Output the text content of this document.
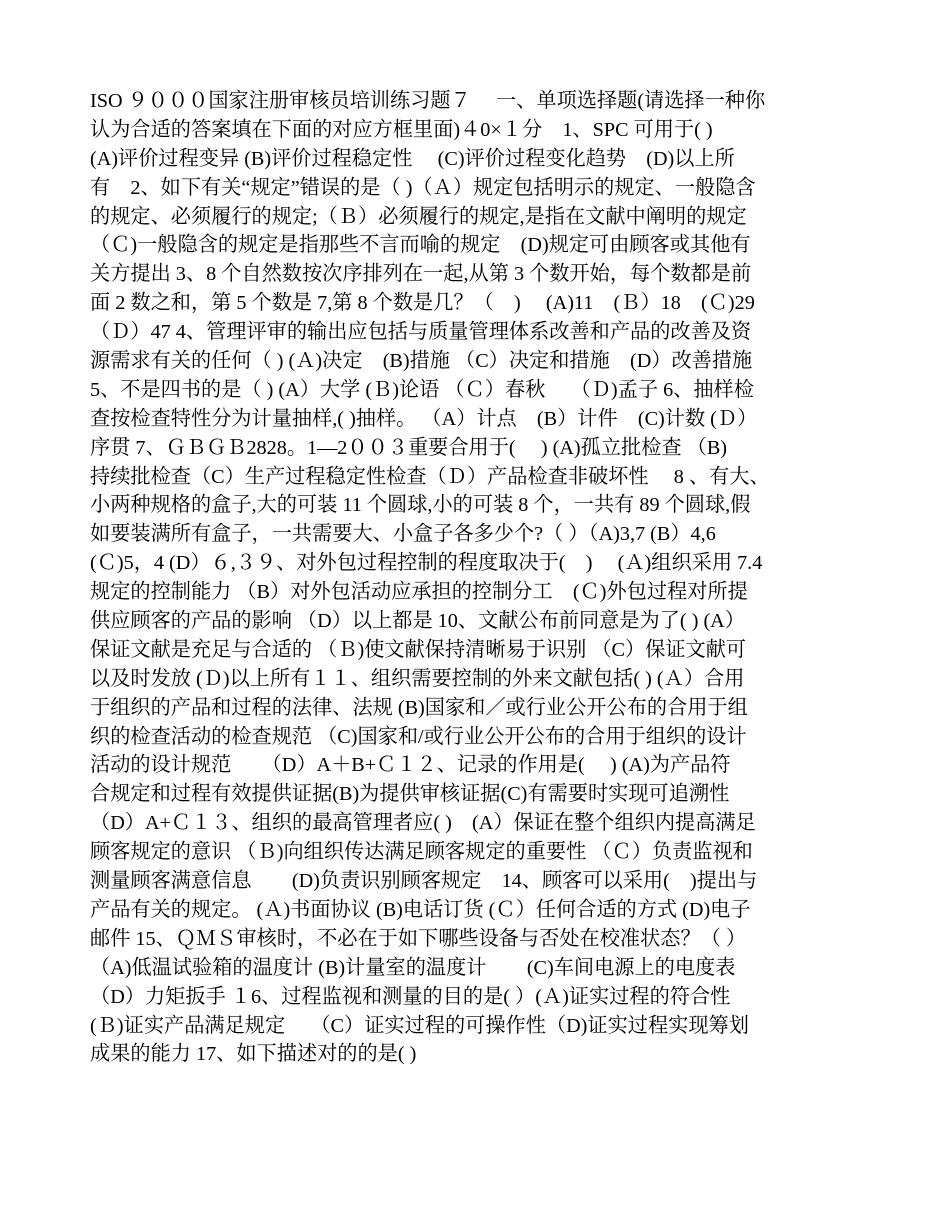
ISO ９０００国家注册审核员培训练习题７　 一、单项选择题(请选择一种你
认为合适的答案填在下面的对应方框里面)４0×１分　1、SPC 可用于( )
(A)评价过程变异 (B)评价过程稳定性　 (C)评价过程变化趋势　(D)以上所
有　2、如下有关“规定”错误的是（ )（Ａ）规定包括明示的规定、一般隐含
的规定、必须履行的规定;（Ｂ）必须履行的规定,是指在文献中阐明的规定
（Ｃ)一般隐含的规定是指那些不言而喻的规定　(D)规定可由顾客或其他有
关方提出 3、8 个自然数按次序排列在一起,从第 3 个数开始，每个数都是前
面 2 数之和，第 5 个数是 7,第 8 个数是几？（　)　 (A)11　(Ｂ）18　(Ｃ)29
（Ｄ）47 4、管理评审的输出应包括与质量管理体系改善和产品的改善及资
源需求有关的任何（ ) (Ａ)决定　(B)措施 （C）决定和措施　(D）改善措施
5、不是四书的是（ ) (A）大学 (Ｂ)论语 （Ｃ）春秋　 （Ｄ)孟子 6、抽样检
查按检查特性分为计量抽样,( )抽样。 （A）计点　(B）计件　(C)计数 (Ｄ）
序贯 7、ＧＢＧＢ2828。1—2００３重要合用于(　 ) (A)孤立批检查 （B)
持续批检查（C）生产过程稳定性检查（Ｄ）产品检查非破坏性　 8 、有大、
小两种规格的盒子,大的可装 11 个圆球,小的可装 8 个，一共有 89 个圆球,假
如要装满所有盒子，一共需要大、小盒子各多少个?（ ）（A)3,7 (B）4,6
(Ｃ)5，4 (D）６,３９、对外包过程控制的程度取决于(　) 　(Ａ)组织采用 7.4
规定的控制能力 （B）对外包活动应承担的控制分工　(Ｃ)外包过程对所提
供应顾客的产品的影响 （D）以上都是 10、文献公布前同意是为了( ) (A）
保证文献是充足与合适的 （Ｂ)使文献保持清晰易于识别 （C）保证文献可
以及时发放 (Ｄ)以上所有１１、组织需要控制的外来文献包括( ) (Ａ）合用
于组织的产品和过程的法律、法规 (B)国家和／或行业公开公布的合用于组
织的检查活动的检查规范 （C)国家和/或行业公开公布的合用于组织的设计
活动的设计规范　　（D）A＋B+Ｃ１２、记录的作用是(　 ) (A)为产品符
合规定和过程有效提供证据(B)为提供审核证据(C)有需要时实现可追溯性
（D）A+Ｃ１３、组织的最高管理者应( )　(A）保证在整个组织内提高满足
顾客规定的意识 （Ｂ)向组织传达满足顾客规定的重要性 （Ｃ）负责监视和
测量顾客满意信息　　(D)负责识别顾客规定　14、顾客可以采用(　)提出与
产品有关的规定。 (Ａ)书面协议 (B)电话订货 (Ｃ）任何合适的方式 (D)电子
邮件 15、ＱＭＳ审核时，不必在于如下哪些设备与否处在校准状态？（ ）
（A)低温试验箱的温度计 (B)计量室的温度计　　(C)车间电源上的电度表
（D）力矩扳手 １6、过程监视和测量的目的是( ）(Ａ)证实过程的符合性
(Ｂ)证实产品满足规定　 （C）证实过程的可操作性（D)证实过程实现筹划
成果的能力 17、如下描述对的的是( )
